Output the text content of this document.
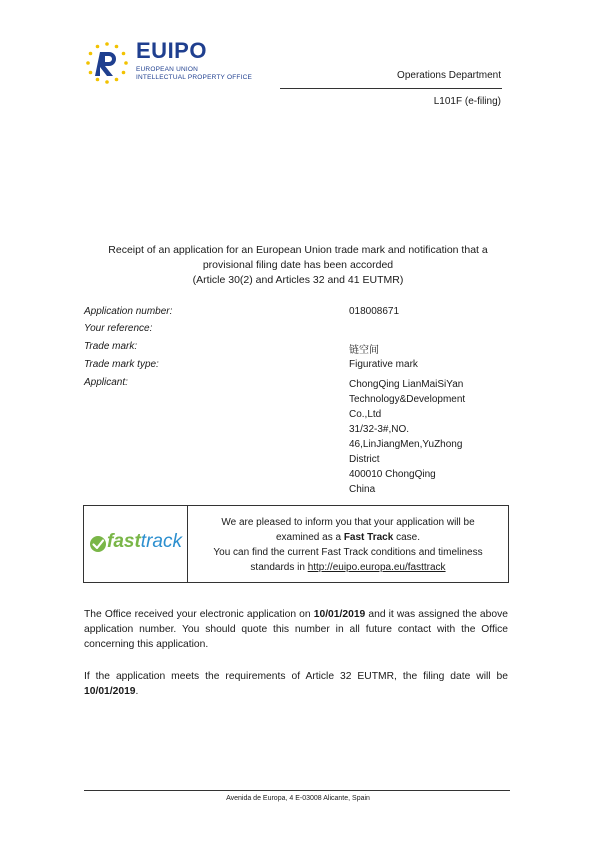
EUIPO
EUROPEAN UNION
INTELLECTUAL PROPERTY OFFICE	Operations Department
L101F (e-filing)
Receipt of an application for an European Union trade mark and notification that a
provisional filing date has been accorded
(Article 30(2) and Articles 32 and 41 EUTMR)
Application number:	018008671
Your reference:
Trade mark:	链空间
Trade mark type:	Figurative mark
Applicant:	ChongQing LianMaiSiYan
Technology&Development
Co.,Ltd
31/32-3#,NO.
46,LinJiangMen,YuZhong
District
400010 ChongQing
China
fasttrack
We are pleased to inform you that your application will be
examined as a Fast Track case.
You can find the current Fast Track conditions and timeliness
standards in http://euipo.europa.eu/fasttrack
The Office received your electronic application on 10/01/2019 and it was assigned the above application number. You should quote this number in all future contact with the Office concerning this application.
If the application meets the requirements of Article 32 EUTMR, the filing date will be 10/01/2019.
Avenida de Europa, 4 E-03008 Alicante, Spain
